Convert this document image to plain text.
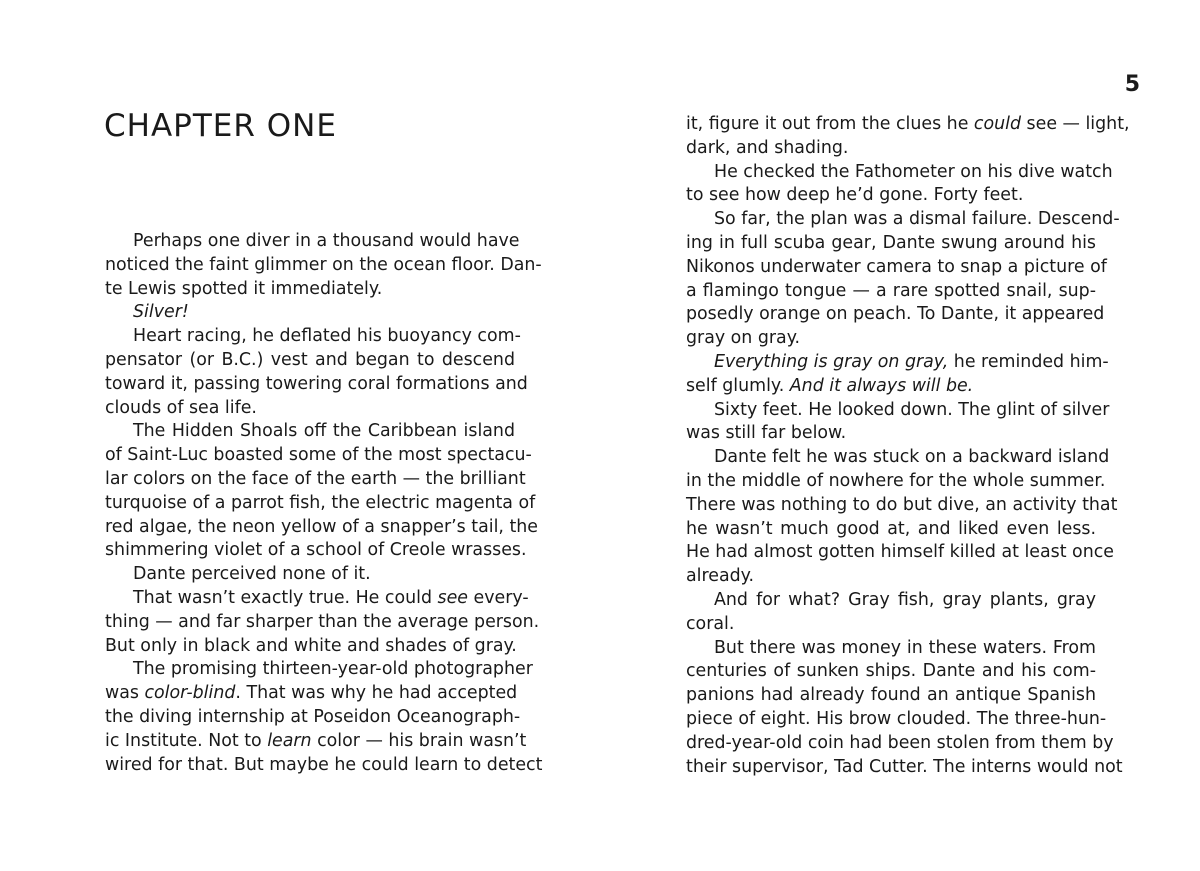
5
CHAPTER ONE
Perhaps one diver in a thousand would have
noticed the faint glimmer on the ocean floor. Dan-
te Lewis spotted it immediately.
Silver!
Heart racing, he deflated his buoyancy com-
pensator (or B.C.) vest and began to descend
toward it, passing towering coral formations and
clouds of sea life.
The Hidden Shoals off the Caribbean island
of Saint-Luc boasted some of the most spectacu-
lar colors on the face of the earth — the brilliant
turquoise of a parrot fish, the electric magenta of
red algae, the neon yellow of a snapper’s tail, the
shimmering violet of a school of Creole wrasses.
Dante perceived none of it.
That wasn’t exactly true. He could see every-
thing — and far sharper than the average person.
But only in black and white and shades of gray.
The promising thirteen-year-old photographer
was color-blind. That was why he had accepted
the diving internship at Poseidon Oceanograph-
ic Institute. Not to learn color — his brain wasn’t
wired for that. But maybe he could learn to detect
it, figure it out from the clues he could see — light,
dark, and shading.
He checked the Fathometer on his dive watch
to see how deep he’d gone. Forty feet.
So far, the plan was a dismal failure. Descend-
ing in full scuba gear, Dante swung around his
Nikonos underwater camera to snap a picture of
a flamingo tongue — a rare spotted snail, sup-
posedly orange on peach. To Dante, it appeared
gray on gray.
Everything is gray on gray, he reminded him-
self glumly. And it always will be.
Sixty feet. He looked down. The glint of silver
was still far below.
Dante felt he was stuck on a backward island
in the middle of nowhere for the whole summer.
There was nothing to do but dive, an activity that
he wasn’t much good at, and liked even less.
He had almost gotten himself killed at least once
already.
And for what? Gray fish, gray plants, gray
coral.
But there was money in these waters. From
centuries of sunken ships. Dante and his com-
panions had already found an antique Spanish
piece of eight. His brow clouded. The three-hun-
dred-year-old coin had been stolen from them by
their supervisor, Tad Cutter. The interns would not
